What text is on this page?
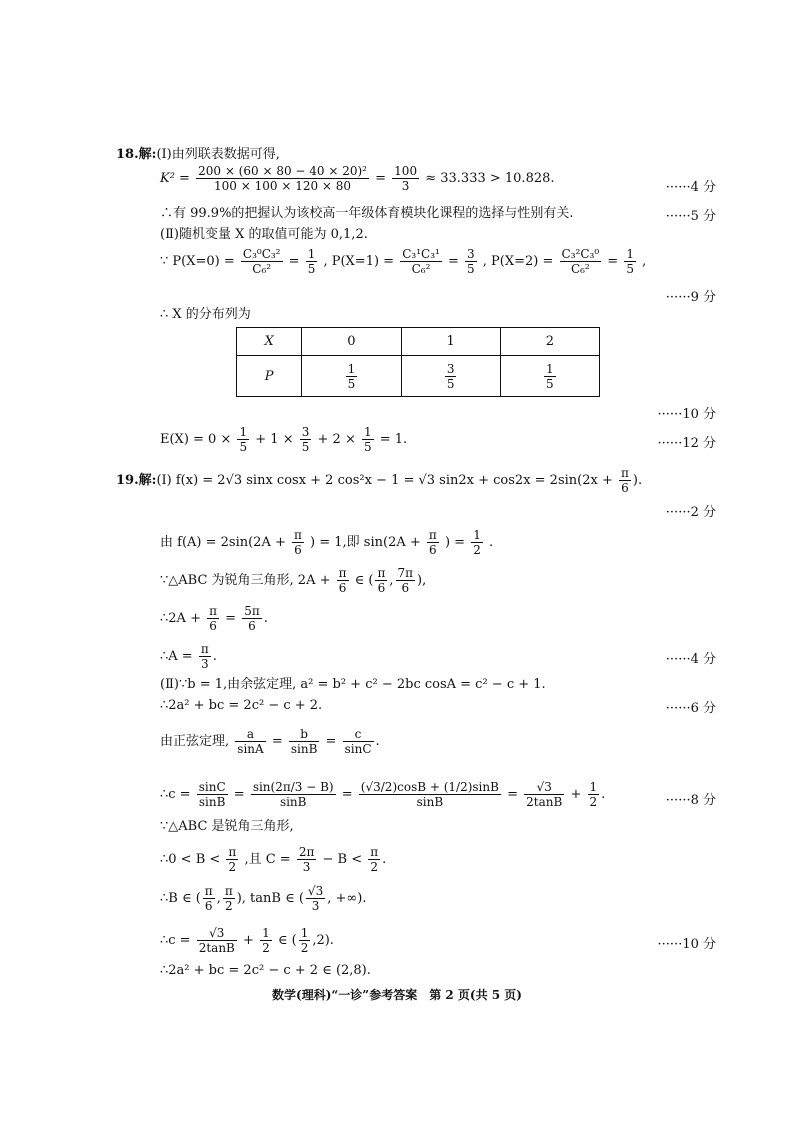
18.解:(Ⅰ)由列联表数据可得,
$K^2 = \frac{\text{200 × (60 × 80 − 40 × 20)²}}{100 \times 100 \times 120 \times 80} = \frac{100}{3} \approx 33.333 > 10.828$.
······4 分
∴有 99.9%的把握认为该校高一年级体育模块化课程的选择与性别有关.	······5 分
(Ⅱ)随机变量 X 的取值可能为 0,1,2.
∵ $P(X=0) = \frac{\text{C₃⁰C₃²}}{\text{C₆²}} = \frac{1}{5}$ , $P(X=1) = \frac{\text{C₃¹C₃¹}}{\text{C₆²}} = \frac{3}{5}$ , $P(X=2) = \frac{\text{C₃²C₃⁰}}{\text{C₆²}} = \frac{1}{5}$ ,
······9 分
∴ X 的分布列为
X	0	1	2
P	$\frac{1}{5}$	$\frac{3}{5}$	$\frac{1}{5}$
······10 分
$E(X) = 0 \times \frac{1}{5} + 1 \times \frac{3}{5} + 2 \times \frac{1}{5} = 1$.	······12 分
19.解:(Ⅰ) f(x) = 2√3 sinx cosx + 2 cos²x − 1 = √3 $\sin 2x + \cos 2x = 2\sin(2x + \frac{\pi}{6}$ ).
······2 分
由 $f(A) = 2\sin(2A + \frac{\pi}{6}$ ) = 1,即 $\sin(2A + \frac{\pi}{6}$ ) = $\frac{1}{2}$ .
∵△ABC 为锐角三角形, $2A + \frac{\pi}{6}$ ∈ ( $\frac{\pi}{6}$ , $\frac{7\pi}{6}$ ),
∴2A + $\frac{\pi}{6} = \frac{5\pi}{6}$ .
∴A = $\frac{\pi}{3}$ .	······4 分
(Ⅱ)∵b = 1,由余弦定理, a² = b² + c² − 2bc cosA = c² − c + 1.
∴2a² + bc = 2c² − c + 2.	······6 分
由正弦定理, $\frac{a}{\sin A} = \frac{b}{\sin B} = \frac{c}{\sin C}$ .
∴c = $\frac{\sin C}{\sin B} = \frac{\sin(2\pi/3 - B)}{\sin B} = \frac{(√3/2)\cos B + (1/2)\sin B}{\sin B} = \frac{√3}{2\tan B} + \frac{1}{2}$ .	······8 分
∵△ABC 是锐角三角形,
∴0 < $B < \frac{\pi}{2}$ ,且 $C = \frac{2\pi}{3} - B < \frac{\pi}{2}$ .
∴B ∈ ( $\frac{\pi}{6}$ , $\frac{\pi}{2}$ ), tanB ∈ ( $\frac{√3}{3}$ , +∞).
∴c = $\frac{√3}{2\tan B} + \frac{1}{2}$ ∈ ( $\frac{1}{2} ,2$).	······10 分
∴2a² + bc = 2c² − c + 2 ∈ (2,8).
数学(理科)“一诊”参考答案　第 2 页(共 5 页)
